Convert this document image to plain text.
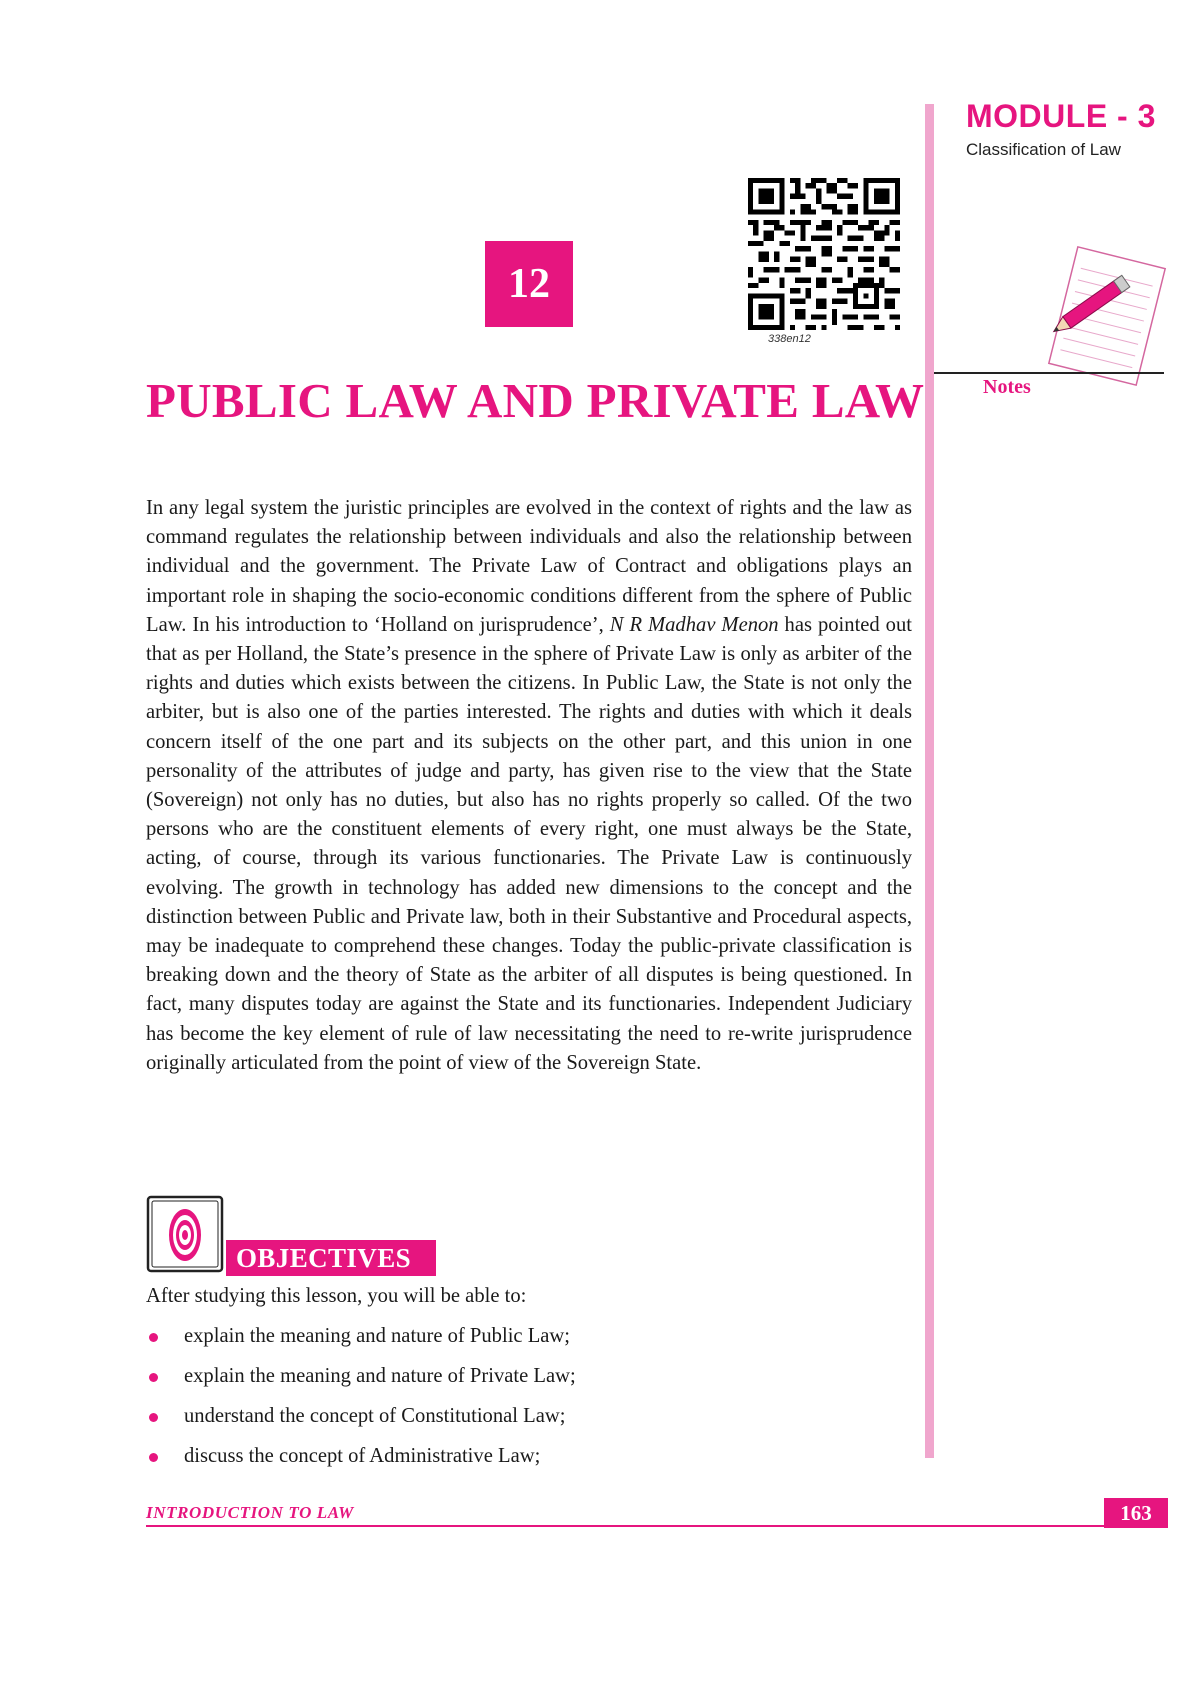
MODULE - 3

Classification of Law

Notes

12
338en12
PUBLIC LAW AND PRIVATE LAW

In any legal system the juristic principles are evolved in the context of rights and the law as command regulates the relationship between individuals and also the relationship between individual and the government. The Private Law of Contract and obligations plays an important role in shaping the socio-economic conditions different from the sphere of Public Law. In his introduction to ‘Holland on jurisprudence’, N R Madhav Menon has pointed out that as per Holland, the State’s presence in the sphere of Private Law is only as arbiter of the rights and duties which exists between the citizens. In Public Law, the State is not only the arbiter, but is also one of the parties interested. The rights and duties with which it deals concern itself of the one part and its subjects on the other part, and this union in one personality of the attributes of judge and party, has given rise to the view that the State (Sovereign) not only has no duties, but also has no rights properly so called. Of the two persons who are the constituent elements of every right, one must always be the State, acting, of course, through its various functionaries. The Private Law is continuously evolving. The growth in technology has added new dimensions to the concept and the distinction between Public and Private law, both in their Substantive and Procedural aspects, may be inadequate to comprehend these changes. Today the public-private classification is breaking down and the theory of State as the arbiter of all disputes is being questioned. In fact, many disputes today are against the State and its functionaries. Independent Judiciary has become the key element of rule of law necessitating the need to re-write jurisprudence originally articulated from the point of view of the Sovereign State.

OBJECTIVES

After studying this lesson, you will be able to:

explain the meaning and nature of Public Law;
explain the meaning and nature of Private Law;
understand the concept of Constitutional Law;
discuss the concept of Administrative Law;

INTRODUCTION TO LAW	163
